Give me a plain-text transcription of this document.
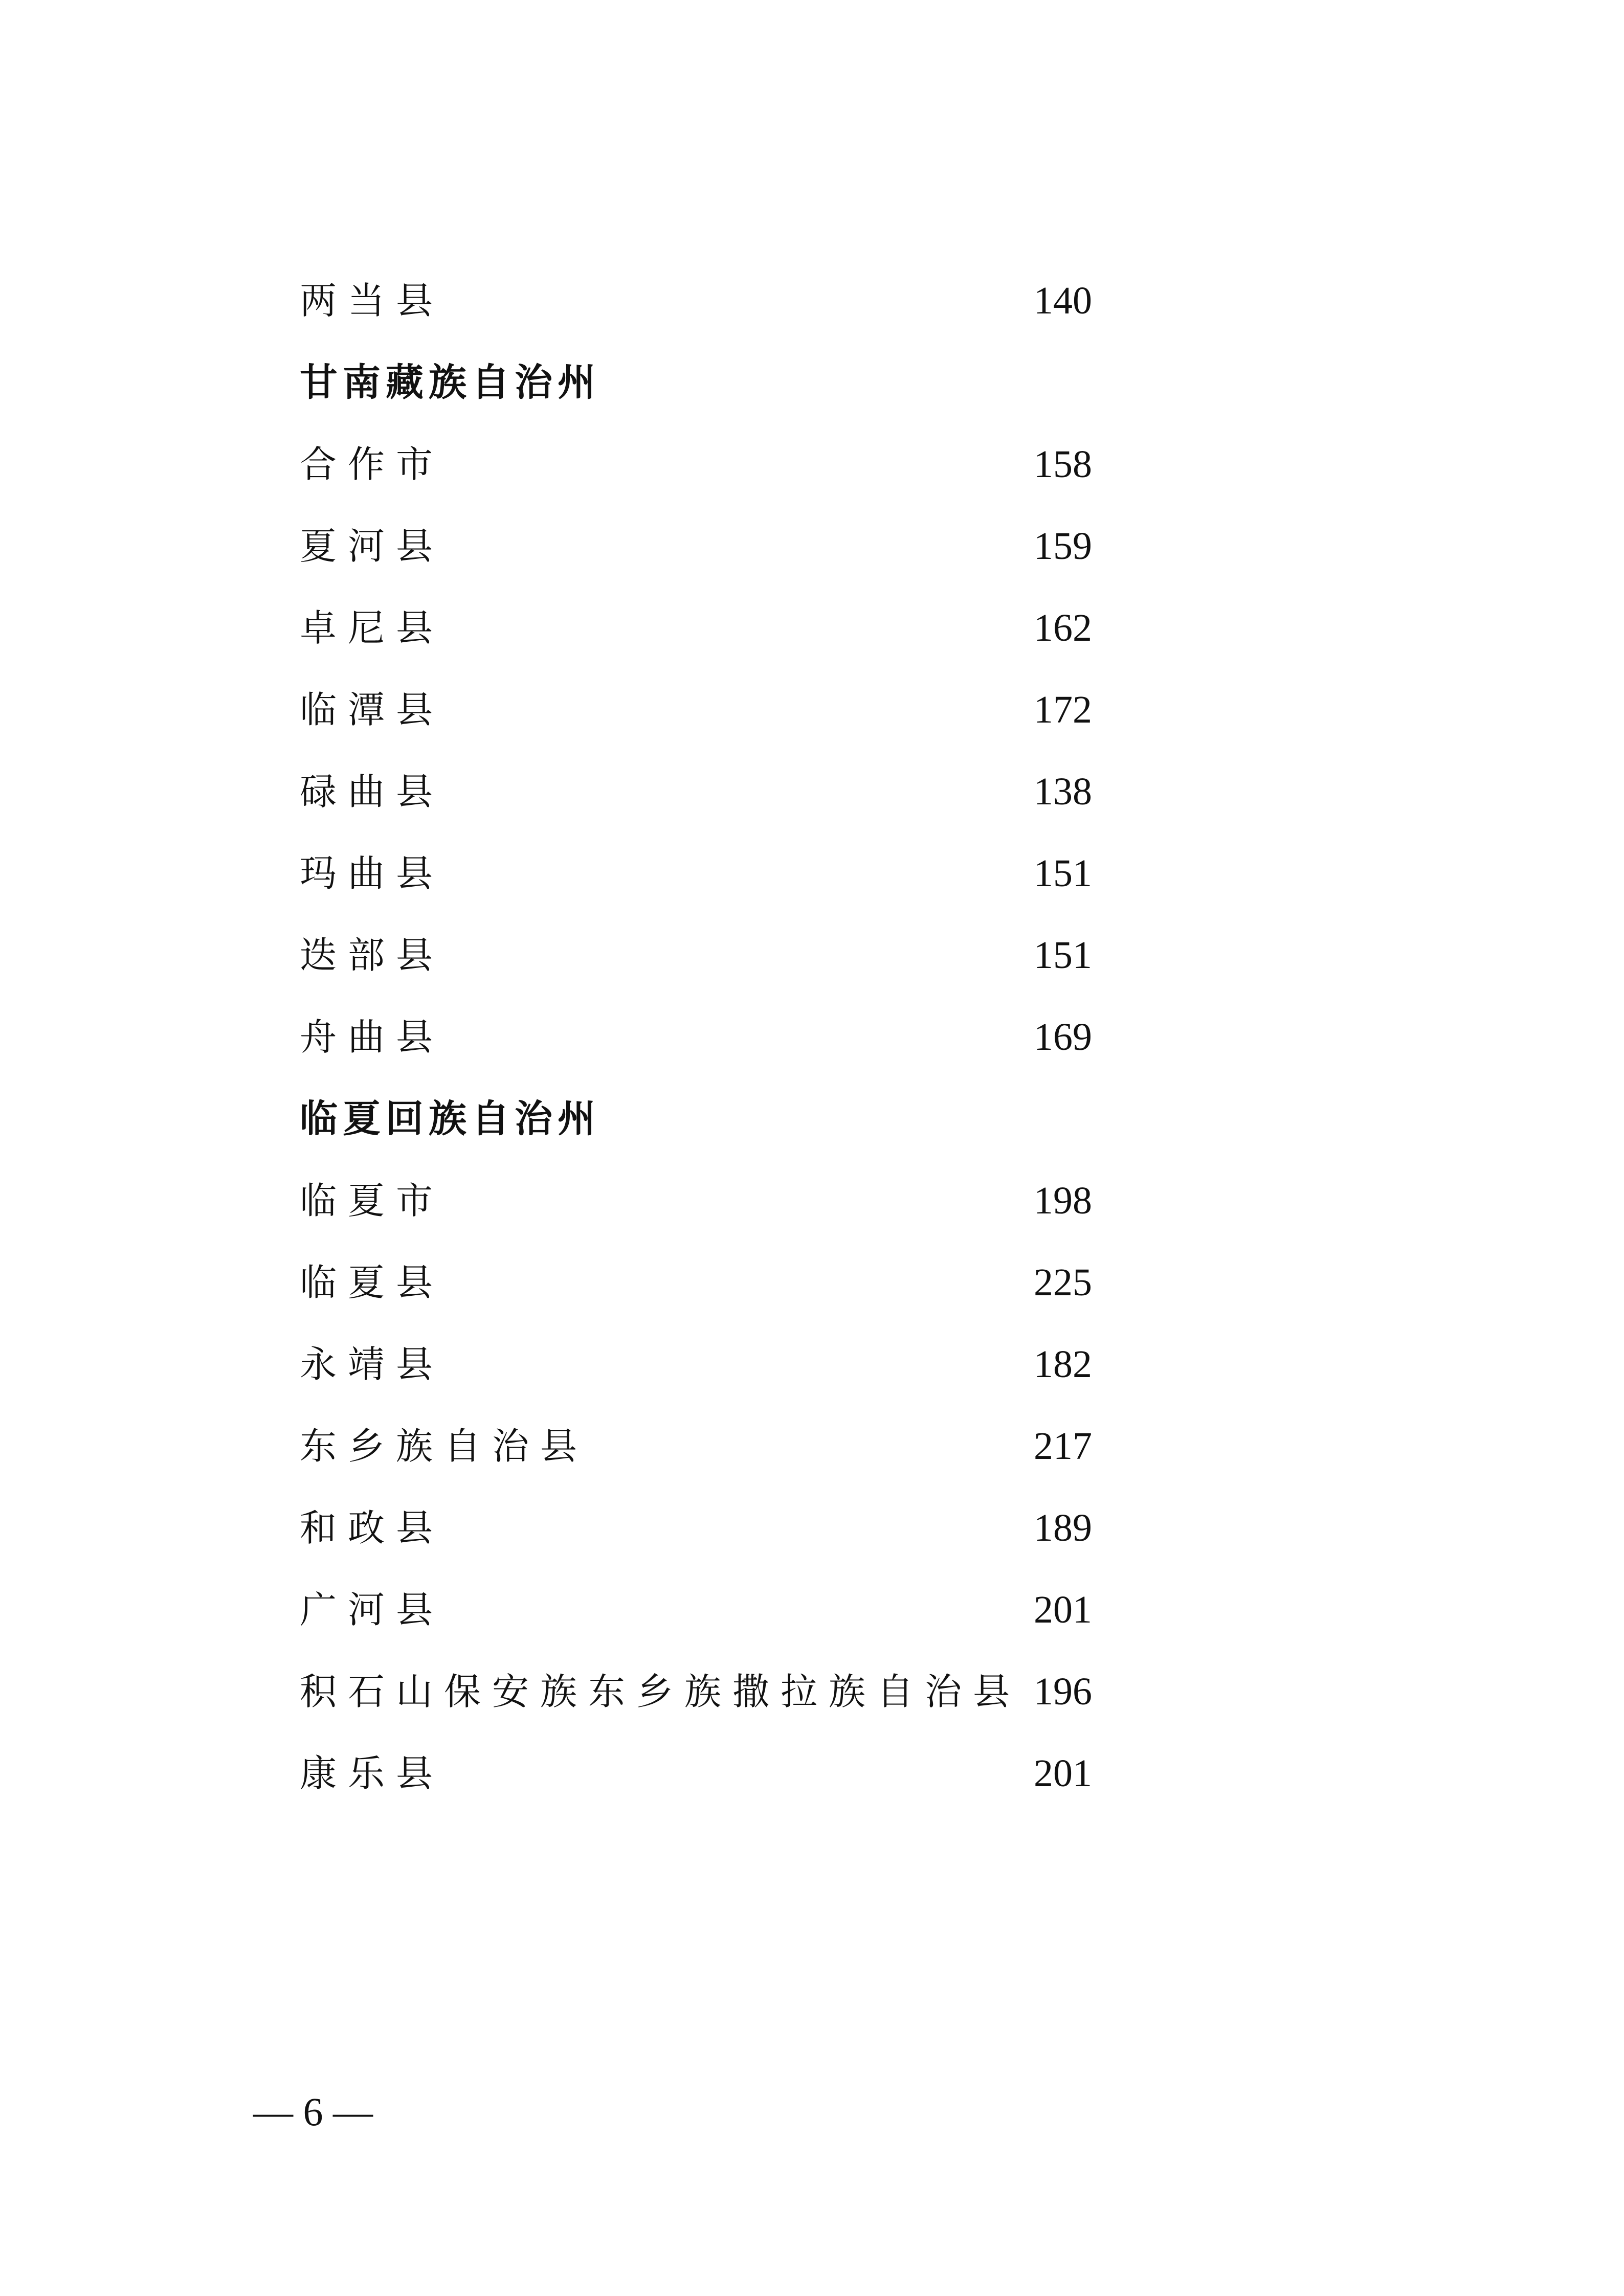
两当县	140
甘南藏族自治州
合作市	158
夏河县	159
卓尼县	162
临潭县	172
碌曲县	138
玛曲县	151
迭部县	151
舟曲县	169
临夏回族自治州
临夏市	198
临夏县	225
永靖县	182
东乡族自治县	217
和政县	189
广河县	201
积石山保安族东乡族撒拉族自治县 196
康乐县	201
— 6 —
